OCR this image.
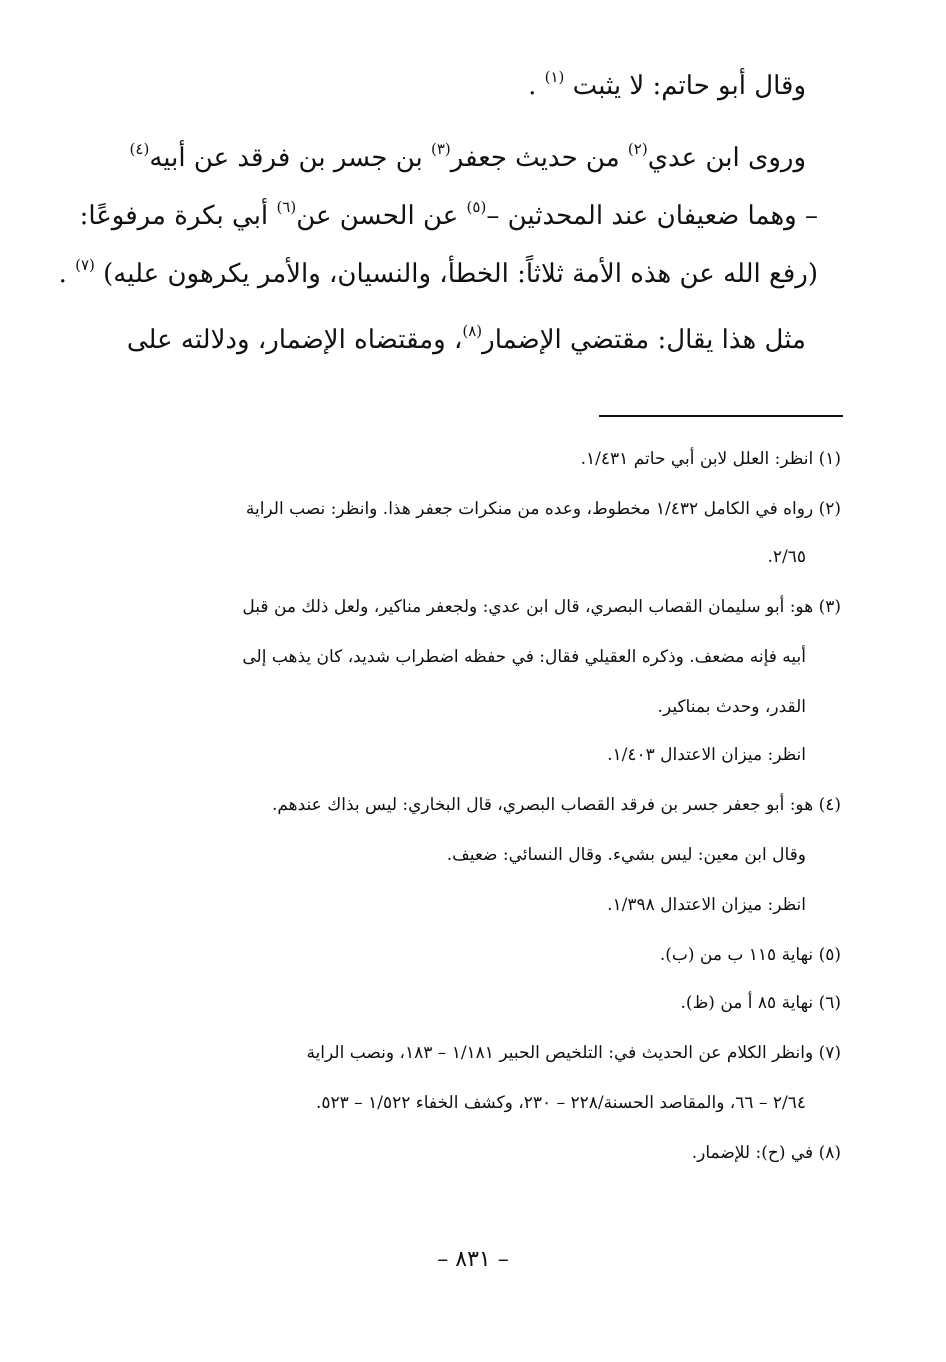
وقال أبو حاتم: لا يثبت $^{(١)}$ .
وروى ابن عدي$^{(٢)}$ من حديث جعفر$^{(٣)}$ بن جسر بن فرقد عن أبيه$^{(٤)}$
– وهما ضعيفان عند المحدثين –$^{(٥)}$ عن الحسن عن$^{(٦)}$ أبي بكرة مرفوعًا:
(رفع الله عن هذه الأمة ثلاثاً: الخطأ، والنسيان، والأمر يكرهون عليه) $^{(٧)}$ .
مثل هذا يقال: مقتضي الإضمار$^{(٨)}$، ومقتضاه الإضمار، ودلالته على
(١) انظر: العلل لابن أبي حاتم ١/٤٣١.
(٢) رواه في الكامل ١/٤٣٢ مخطوط، وعده من منكرات جعفر هذا. وانظر: نصب الراية
٢/٦٥.
(٣) هو: أبو سليمان القصاب البصري، قال ابن عدي: ولجعفر مناكير، ولعل ذلك من قبل
أبيه فإنه مضعف. وذكره العقيلي فقال: في حفظه اضطراب شديد، كان يذهب إلى
القدر، وحدث بمناكير.
انظر: ميزان الاعتدال ١/٤٠٣.
(٤) هو: أبو جعفر جسر بن فرقد القصاب البصري، قال البخاري: ليس بذاك عندهم.
وقال ابن معين: ليس بشيء. وقال النسائي: ضعيف.
انظر: ميزان الاعتدال ١/٣٩٨.
(٥) نهاية ١١٥ ب من (ب).
(٦) نهاية ٨٥ أ من (ظ).
(٧) وانظر الكلام عن الحديث في: التلخيص الحبير ١/١٨١ – ١٨٣، ونصب الراية
٢/٦٤ – ٦٦، والمقاصد الحسنة/٢٢٨ – ٢٣٠، وكشف الخفاء ١/٥٢٢ – ٥٢٣.
(٨) في (ح): للإضمار.
– ٨٣١ –
